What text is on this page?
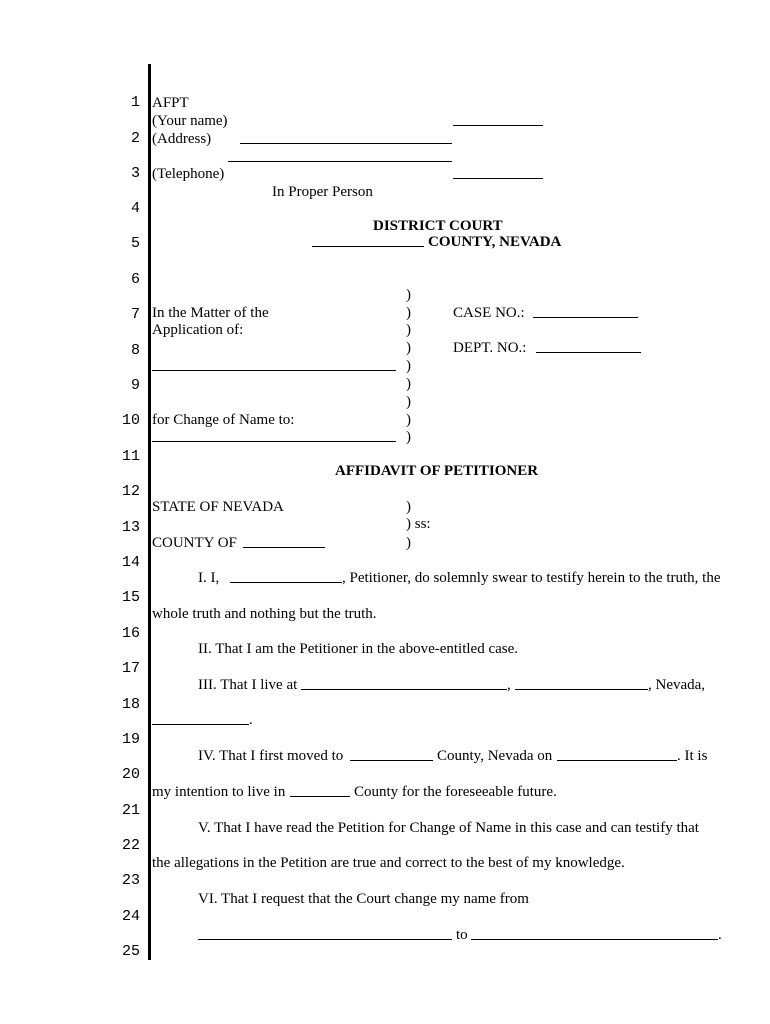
1
2
3
4
5
6
7
8
9
10
11
12
13
14
15
16
17
18
19
20
21
22
23
24
25
AFPT
(Your name)
(Address)
(Telephone)
In Proper Person
DISTRICT COURT
COUNTY, NEVADA
)
In the Matter of the	)	CASE NO.:
Application of:	)
)	DEPT. NO.:
)
)
)
for Change of Name to:	)
)
AFFIDAVIT OF PETITIONER
STATE OF NEVADA	)
) ss:
COUNTY OF	)
I. I,	, Petitioner, do solemnly swear to testify herein to the truth, the
whole truth and nothing but the truth.
II. That I am the Petitioner in the above-entitled case.
III. That I live at	,	, Nevada,
.
IV. That I first moved to	County, Nevada on	. It is
my intention to live in	County for the foreseeable future.
V. That I have read the Petition for Change of Name in this case and can testify that
the allegations in the Petition are true and correct to the best of my knowledge.
VI. That I request that the Court change my name from
to	.
